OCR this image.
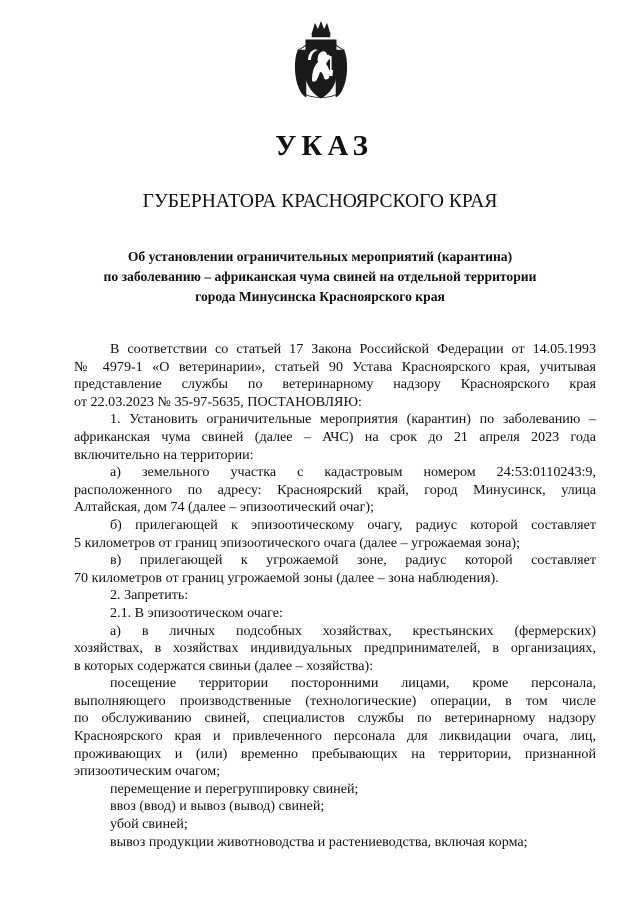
УКАЗ
ГУБЕРНАТОРА КРАСНОЯРСКОГО КРАЯ
Об установлении ограничительных мероприятий (карантина)
по заболеванию – африканская чума свиней на отдельной территории
города Минусинска Красноярского края
В соответствии со статьей 17 Закона Российской Федерации от 14.05.1993
№ 4979-1 «О ветеринарии», статьей 90 Устава Красноярского края, учитывая
представление службы по ветеринарному надзору Красноярского края
от 22.03.2023 № 35-97-5635, ПОСТАНОВЛЯЮ:
1. Установить ограничительные мероприятия (карантин) по заболеванию –
африканская чума свиней (далее – АЧС) на срок до 21 апреля 2023 года
включительно на территории:
а) земельного участка с кадастровым номером 24:53:0110243:9,
расположенного по адресу: Красноярский край, город Минусинск, улица
Алтайская, дом 74 (далее – эпизоотический очаг);
б) прилегающей к эпизоотическому очагу, радиус которой составляет
5 километров от границ эпизоотического очага (далее – угрожаемая зона);
в) прилегающей к угрожаемой зоне, радиус которой составляет
70 километров от границ угрожаемой зоны (далее – зона наблюдения).
2. Запретить:
2.1. В эпизоотическом очаге:
а) в личных подсобных хозяйствах, крестьянских (фермерских)
хозяйствах, в хозяйствах индивидуальных предпринимателей, в организациях,
в которых содержатся свиньи (далее – хозяйства):
посещение территории посторонними лицами, кроме персонала,
выполняющего производственные (технологические) операции, в том числе
по обслуживанию свиней, специалистов службы по ветеринарному надзору
Красноярского края и привлеченного персонала для ликвидации очага, лиц,
проживающих и (или) временно пребывающих на территории, признанной
эпизоотическим очагом;
перемещение и перегруппировку свиней;
ввоз (ввод) и вывоз (вывод) свиней;
убой свиней;
вывоз продукции животноводства и растениеводства, включая корма;
